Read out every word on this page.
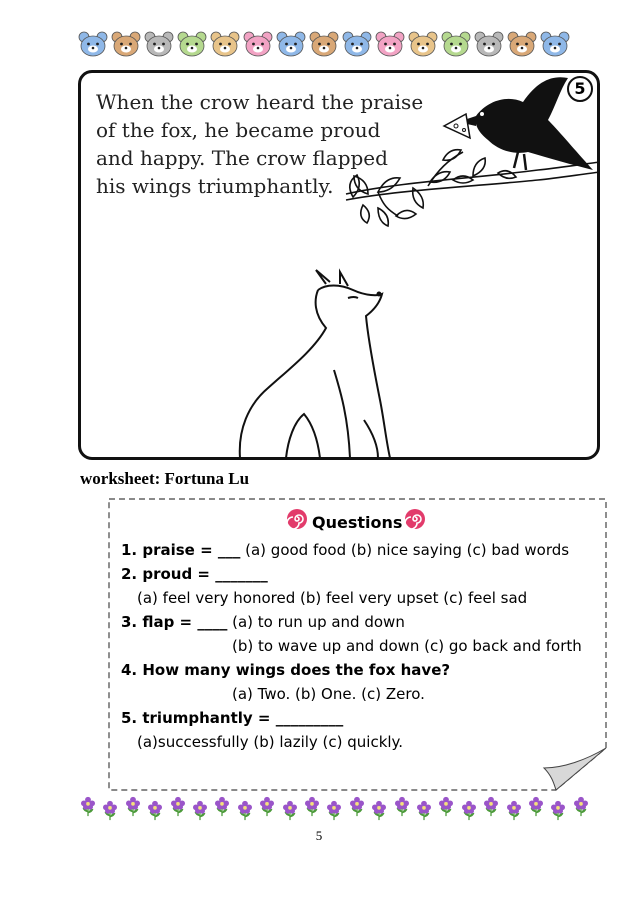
When the crow heard the praise
of the fox, he became proud
and happy. The crow flapped
his wings triumphantly.
5
worksheet: Fortuna Lu
Questions
1. praise = ___ (a) good food (b) nice saying (c) bad words
2. proud = _______
(a) feel very honored (b) feel very upset (c) feel sad
3. flap = ____ (a) to run up and down
(b) to wave up and down (c) go back and forth
4. How many wings does the fox have?
(a) Two. (b) One. (c) Zero.
5. triumphantly = _________
(a)successfully (b) lazily (c) quickly.
5
